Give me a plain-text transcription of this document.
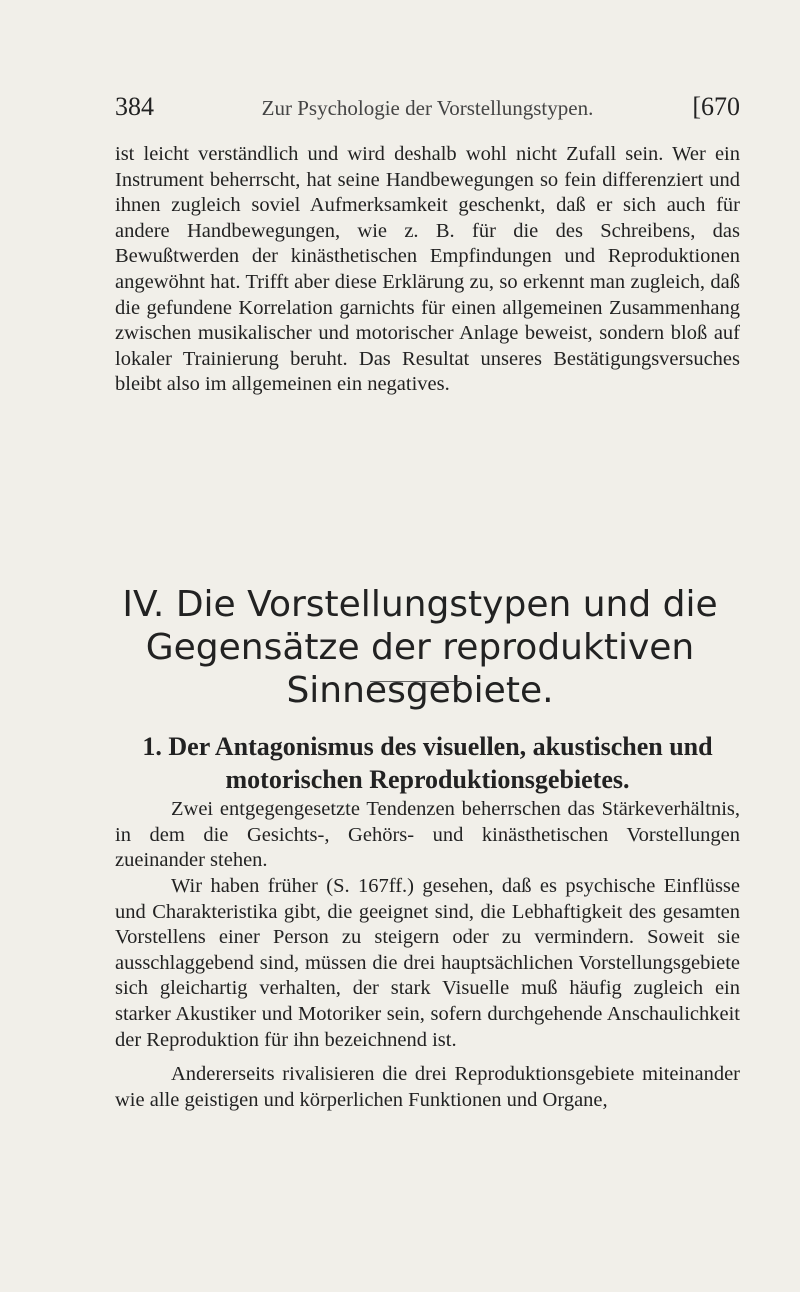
384	Zur Psychologie der Vorstellungstypen.	[670

ist leicht verständlich und wird deshalb wohl nicht Zufall sein. Wer ein Instrument beherrscht, hat seine Handbewegungen so fein differenziert und ihnen zugleich soviel Aufmerksamkeit geschenkt, daß er sich auch für andere Handbewegungen, wie z. B. für die des Schreibens, das Bewußtwerden der kinästhetischen Empfindungen und Reproduktionen angewöhnt hat. Trifft aber diese Erklärung zu, so erkennt man zugleich, daß die gefundene Korrelation garnichts für einen allgemeinen Zusammenhang zwischen musikalischer und motorischer Anlage beweist, sondern bloß auf lokaler Trainierung beruht. Das Resultat unseres Bestätigungsversuches bleibt also im allgemeinen ein negatives.

IV. Die Vorstellungstypen und die Gegensätze der reproduktiven Sinnesgebiete.
1. Der Antagonismus des visuellen, akustischen und motorischen Reproduktionsgebietes.

Zwei entgegengesetzte Tendenzen beherrschen das Stärkeverhältnis, in dem die Gesichts-, Gehörs- und kinästhetischen Vorstellungen zueinander stehen.

Wir haben früher (S. 167ff.) gesehen, daß es psychische Einflüsse und Charakteristika gibt, die geeignet sind, die Lebhaftigkeit des gesamten Vorstellens einer Person zu steigern oder zu vermindern. Soweit sie ausschlaggebend sind, müssen die drei hauptsächlichen Vorstellungsgebiete sich gleichartig verhalten, der stark Visuelle muß häufig zugleich ein starker Akustiker und Motoriker sein, sofern durchgehende Anschaulichkeit der Reproduktion für ihn bezeichnend ist.

Andererseits rivalisieren die drei Reproduktionsgebiete miteinander wie alle geistigen und körperlichen Funktionen und Organe,
